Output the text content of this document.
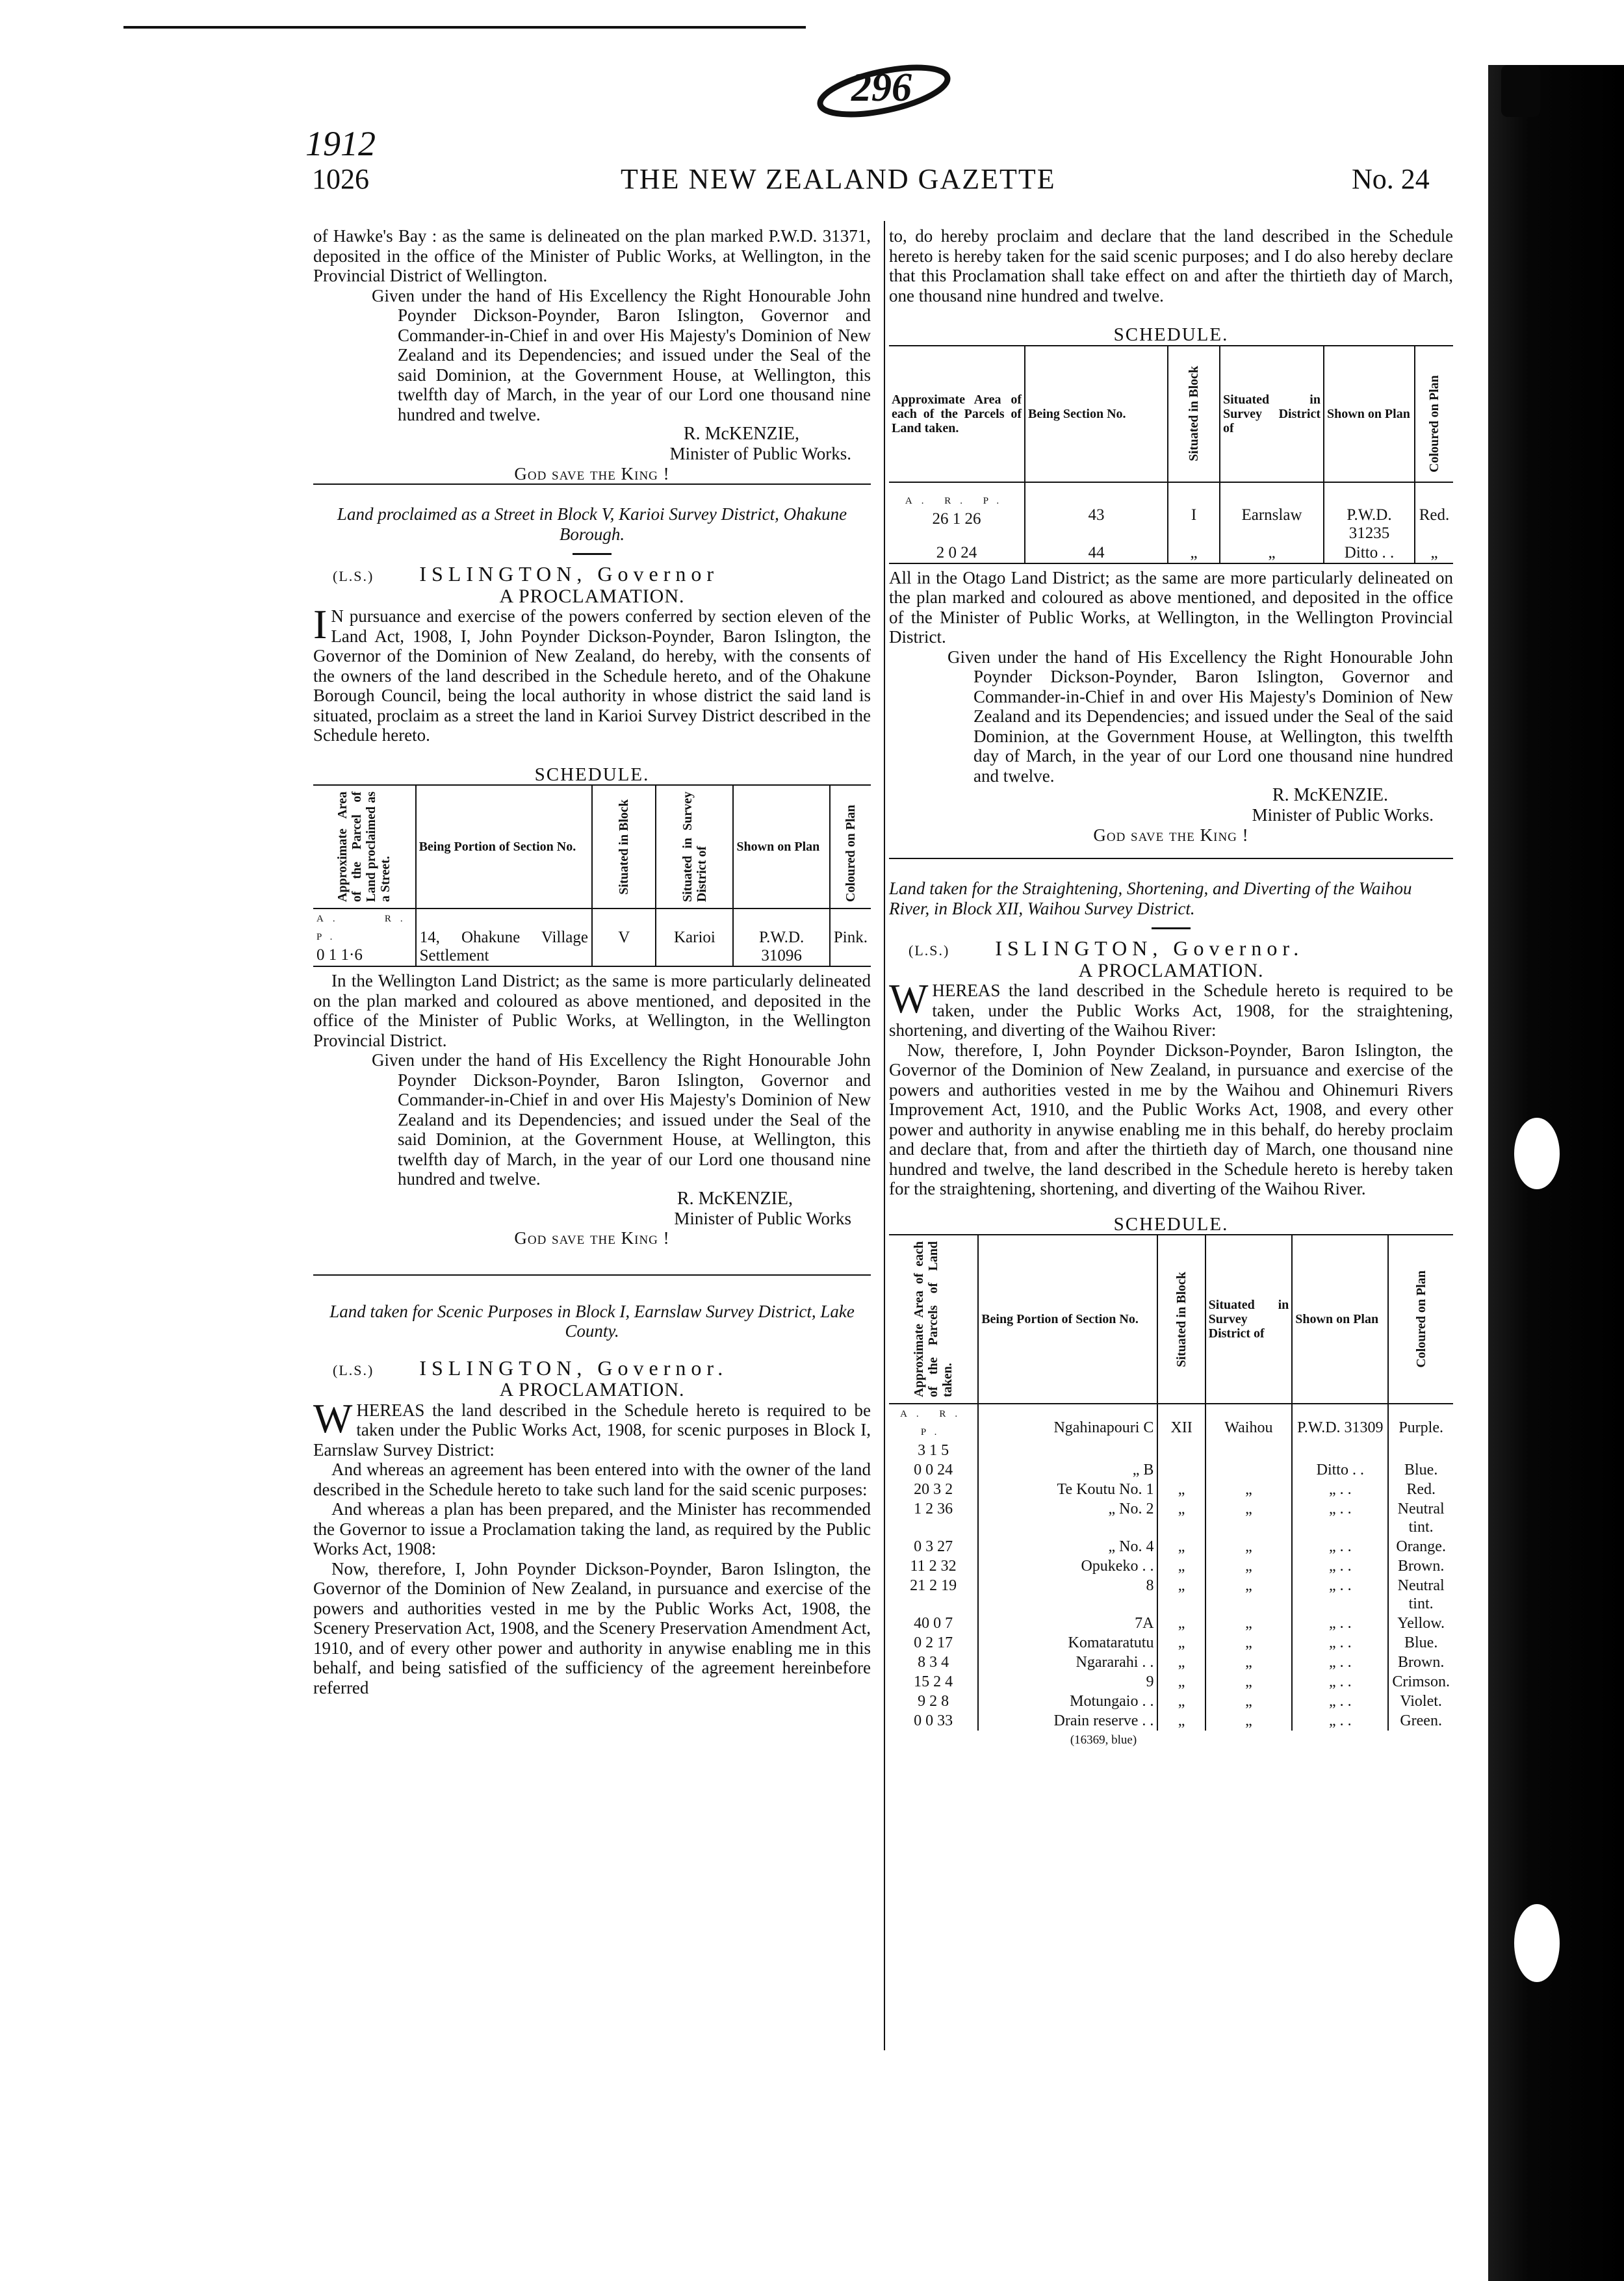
296
1912
1026	THE NEW ZEALAND GAZETTE	No. 24

of Hawke's Bay : as the same is delineated on the plan marked P.W.D. 31371, deposited in the office of the Minister of Public Works, at Wellington, in the Provincial District of Wellington.

Given under the hand of His Excellency the Right Honourable John Poynder Dickson-Poynder, Baron Islington, Governor and Commander-in-Chief in and over His Majesty's Dominion of New Zealand and its Dependencies; and issued under the Seal of the said Dominion, at the Government House, at Wellington, this twelfth day of March, in the year of our Lord one thousand nine hundred and twelve.

R. McKENZIE,

Minister of Public Works.

God save the King !

Land proclaimed as a Street in Block V, Karioi Survey District, Ohakune Borough.

(L.S.) ISLINGTON, Governor

A PROCLAMATION.

I N pursuance and exercise of the powers conferred by section eleven of the Land Act, 1908, I, John Poynder Dickson-Poynder, Baron Islington, the Governor of the Dominion of New Zealand, do hereby, with the consents of the owners of the land described in the Schedule hereto, and of the Ohakune Borough Council, being the local authority in whose district the said land is situated, proclaim as a street the land in Karioi Survey District described in the Schedule hereto.

SCHEDULE.

Approximate Area of the Parcel of Land proclaimed as a Street.	Being Portion of Section No.	Situated in Block	Situated in Survey District of	Shown on Plan	Coloured on Plan

A. R. P.
0 1 1·6	14, Ohakune Village Settlement	V	Karioi	P.W.D. 31096	Pink.

In the Wellington Land District; as the same is more particularly delineated on the plan marked and coloured as above mentioned, and deposited in the office of the Minister of Public Works, at Wellington, in the Wellington Provincial District.

Given under the hand of His Excellency the Right Honourable John Poynder Dickson-Poynder, Baron Islington, Governor and Commander-in-Chief in and over His Majesty's Dominion of New Zealand and its Dependencies; and issued under the Seal of the said Dominion, at the Government House, at Wellington, this twelfth day of March, in the year of our Lord one thousand nine hundred and twelve.

R. McKENZIE,

Minister of Public Works

God save the King !

Land taken for Scenic Purposes in Block I, Earnslaw Survey District, Lake County.

(L.S.) ISLINGTON, Governor.

A PROCLAMATION.

WHEREAS the land described in the Schedule hereto is required to be taken under the Public Works Act, 1908, for scenic purposes in Block I, Earnslaw Survey District:

And whereas an agreement has been entered into with the owner of the land described in the Schedule hereto to take such land for the said scenic purposes:

And whereas a plan has been prepared, and the Minister has recommended the Governor to issue a Proclamation taking the land, as required by the Public Works Act, 1908:

Now, therefore, I, John Poynder Dickson-Poynder, Baron Islington, the Governor of the Dominion of New Zealand, in pursuance and exercise of the powers and authorities vested in me by the Public Works Act, 1908, the Scenery Preservation Act, 1908, and the Scenery Preservation Amendment Act, 1910, and of every other power and authority in anywise enabling me in this behalf, and being satisfied of the sufficiency of the agreement hereinbefore referred

to, do hereby proclaim and declare that the land described in the Schedule hereto is hereby taken for the said scenic purposes; and I do also hereby declare that this Proclamation shall take effect on and after the thirtieth day of March, one thousand nine hundred and twelve.

SCHEDULE.

Approximate Area of each of the Parcels of Land taken.	Being Section No.	Situated in Block	Situated in Survey District of	Shown on Plan	Coloured on Plan

A. R. P.
26 1 26	43	I	Earnslaw	P.W.D. 31235	Red.
2 0 24	44	„	„	Ditto . .	„

All in the Otago Land District; as the same are more particularly delineated on the plan marked and coloured as above mentioned, and deposited in the office of the Minister of Public Works, at Wellington, in the Wellington Provincial District.

Given under the hand of His Excellency the Right Honourable John Poynder Dickson-Poynder, Baron Islington, Governor and Commander-in-Chief in and over His Majesty's Dominion of New Zealand and its Dependencies; and issued under the Seal of the said Dominion, at the Government House, at Wellington, this twelfth day of March, in the year of our Lord one thousand nine hundred and twelve.

R. McKENZIE.

Minister of Public Works.

God save the King !

Land taken for the Straightening, Shortening, and Diverting of the Waihou River, in Block XII, Waihou Survey District.

(L.S.) ISLINGTON, Governor.

A PROCLAMATION.

WHEREAS the land described in the Schedule hereto is required to be taken, under the Public Works Act, 1908, for the straightening, shortening, and diverting of the Waihou River:

Now, therefore, I, John Poynder Dickson-Poynder, Baron Islington, the Governor of the Dominion of New Zealand, in pursuance and exercise of the powers and authorities vested in me by the Waihou and Ohinemuri Rivers Improvement Act, 1910, and the Public Works Act, 1908, and every other power and authority in anywise enabling me in this behalf, do hereby proclaim and declare that, from and after the thirtieth day of March, one thousand nine hundred and twelve, the land described in the Schedule hereto is hereby taken for the straightening, shortening, and diverting of the Waihou River.

SCHEDULE.

Approximate Area of each of the Parcels of Land taken.	Being Portion of Section No.	Situated in Block	Situated in Survey District of	Shown on Plan	Coloured on Plan

A. R. P.
3 1 5	Ngahinapouri C	XII	Waihou	P.W.D. 31309	Purple.
0 0 24	„ B			Ditto . .	Blue.
20 3 2	Te Koutu No. 1	„	„	„ . .	Red.
1 2 36	„ No. 2	„	„	„ . .	Neutral tint.
0 3 27	„ No. 4	„	„	„ . .	Orange.
11 2 32	Opukeko . .	„	„	„ . .	Brown.
21 2 19	8	„	„	„ . .	Neutral tint.
40 0 7	7A	„	„	„ . .	Yellow.
0 2 17	Komataratutu	„	„	„ . .	Blue.
8 3 4	Ngararahi . .	„	„	„ . .	Brown.
15 2 4	9	„	„	„ . .	Crimson.
9 2 8	Motungaio . .	„	„	„ . .	Violet.
0 0 33	Drain reserve . .	„	„	„ . .	Green.
(16369, blue)
